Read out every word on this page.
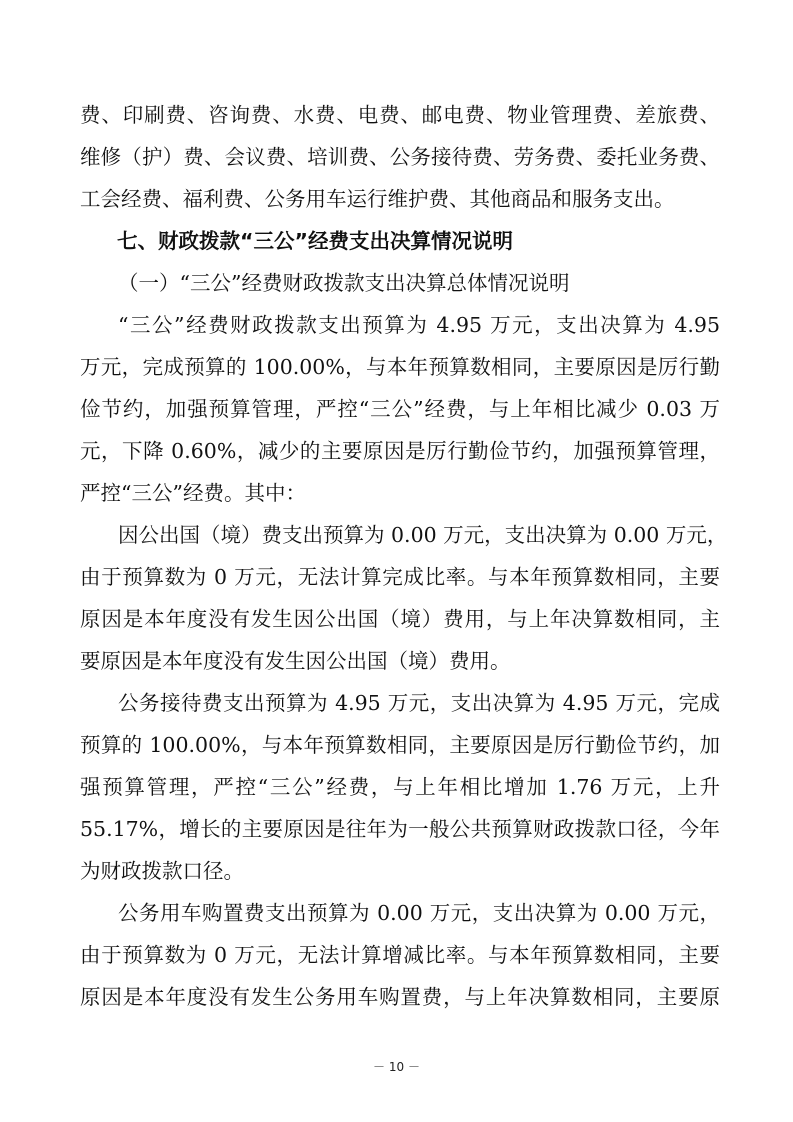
－ 10 －
费、印刷费、咨询费、水费、电费、邮电费、物业管理费、差旅费、
维修（护）费、会议费、培训费、公务接待费、劳务费、委托业务费、
工会经费、福利费、公务用车运行维护费、其他商品和服务支出。
七、财政拨款“三公”经费支出决算情况说明
（一）“三公”经费财政拨款支出决算总体情况说明
“三公”经费财政拨款支出预算为 4.95 万元，支出决算为 4.95
万元，完成预算的 100.00%，与本年预算数相同，主要原因是厉行勤
俭节约，加强预算管理，严控“三公”经费，与上年相比减少 0.03 万
元，下降 0.60%，减少的主要原因是厉行勤俭节约，加强预算管理，
严控“三公”经费。其中：
因公出国（境）费支出预算为 0.00 万元，支出决算为 0.00 万元，
由于预算数为 0 万元，无法计算完成比率。与本年预算数相同，主要
原因是本年度没有发生因公出国（境）费用，与上年决算数相同，主
要原因是本年度没有发生因公出国（境）费用。
公务接待费支出预算为 4.95 万元，支出决算为 4.95 万元，完成
预算的 100.00%，与本年预算数相同，主要原因是厉行勤俭节约，加
强预算管理，严控“三公”经费，与上年相比增加 1.76 万元，上升
55.17%，增长的主要原因是往年为一般公共预算财政拨款口径，今年
为财政拨款口径。
公务用车购置费支出预算为 0.00 万元，支出决算为 0.00 万元，
由于预算数为 0 万元，无法计算增减比率。与本年预算数相同，主要
原因是本年度没有发生公务用车购置费，与上年决算数相同，主要原
